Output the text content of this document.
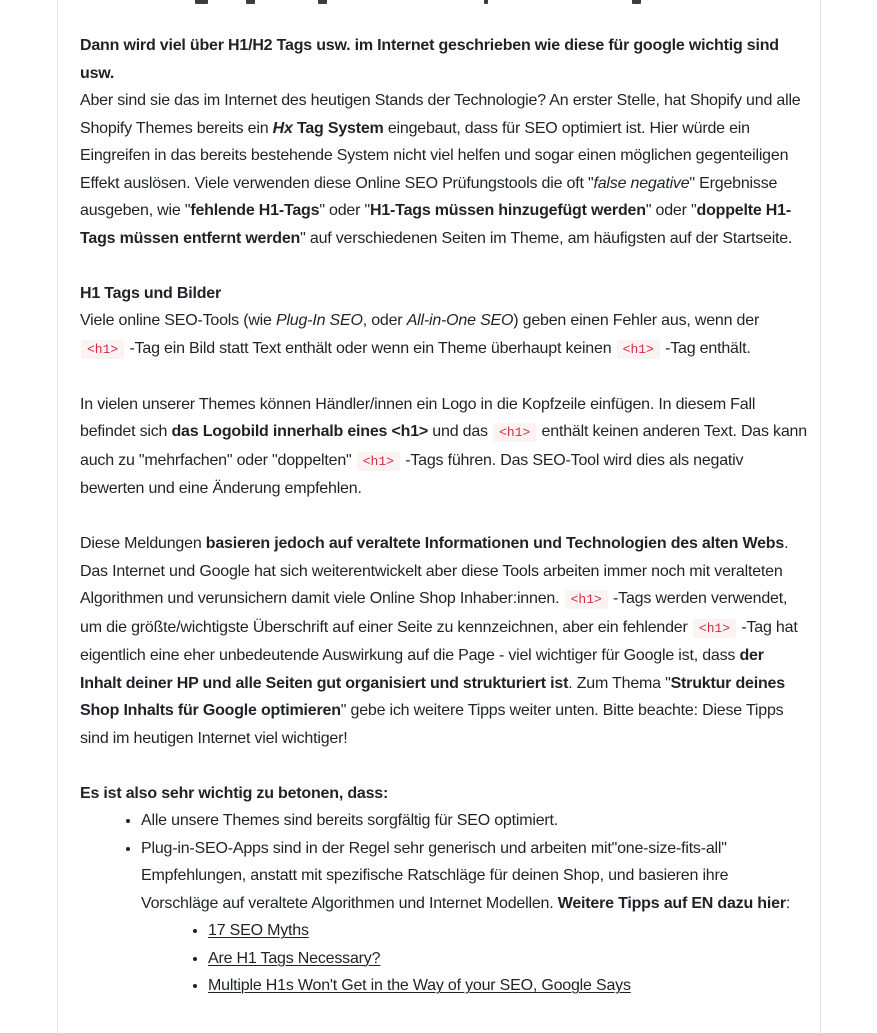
Dann wird viel über H1/H2 Tags usw. im Internet geschrieben wie diese für google wichtig sind usw.
Aber sind sie das im Internet des heutigen Stands der Technologie? An erster Stelle, hat Shopify und alle Shopify Themes bereits ein Hx Tag System eingebaut, dass für SEO optimiert ist. Hier würde ein Eingreifen in das bereits bestehende System nicht viel helfen und sogar einen möglichen gegenteiligen Effekt auslösen. Viele verwenden diese Online SEO Prüfungstools die oft "false negative" Ergebnisse ausgeben, wie "fehlende H1-Tags" oder "H1-Tags müssen hinzugefügt werden" oder "doppelte H1-Tags müssen entfernt werden" auf verschiedenen Seiten im Theme, am häufigsten auf der Startseite.

H1 Tags und Bilder
Viele online SEO-Tools (wie Plug-In SEO, oder All-in-One SEO) geben einen Fehler aus, wenn der <h1> -Tag ein Bild statt Text enthält oder wenn ein Theme überhaupt keinen <h1> -Tag enthält.

In vielen unserer Themes können Händler/innen ein Logo in die Kopfzeile einfügen. In diesem Fall befindet sich das Logobild innerhalb eines <h1> und das <h1> enthält keinen anderen Text. Das kann auch zu "mehrfachen" oder "doppelten" <h1> -Tags führen. Das SEO-Tool wird dies als negativ bewerten und eine Änderung empfehlen.

Diese Meldungen basieren jedoch auf veraltete Informationen und Technologien des alten Webs. Das Internet und Google hat sich weiterentwickelt aber diese Tools arbeiten immer noch mit veralteten Algorithmen und verunsichern damit viele Online Shop Inhaber:innen. <h1> -Tags werden verwendet, um die größte/wichtigste Überschrift auf einer Seite zu kennzeichnen, aber ein fehlender <h1> -Tag hat eigentlich eine eher unbedeutende Auswirkung auf die Page - viel wichtiger für Google ist, dass der Inhalt deiner HP und alle Seiten gut organisiert und strukturiert ist. Zum Thema "Struktur deines Shop Inhalts für Google optimieren" gebe ich weitere Tipps weiter unten. Bitte beachte: Diese Tipps sind im heutigen Internet viel wichtiger!

Es ist also sehr wichtig zu betonen, dass:

• Alle unsere Themes sind bereits sorgfältig für SEO optimiert.
• Plug-in-SEO-Apps sind in der Regel sehr generisch und arbeiten mit"one-size-fits-all" Empfehlungen, anstatt mit spezifische Ratschläge für deinen Shop, und basieren ihre Vorschläge auf veraltete Algorithmen und Internet Modellen. Weitere Tipps auf EN dazu hier:
• 17 SEO Myths
• Are H1 Tags Necessary?
• Multiple H1s Won't Get in the Way of your SEO, Google Says
